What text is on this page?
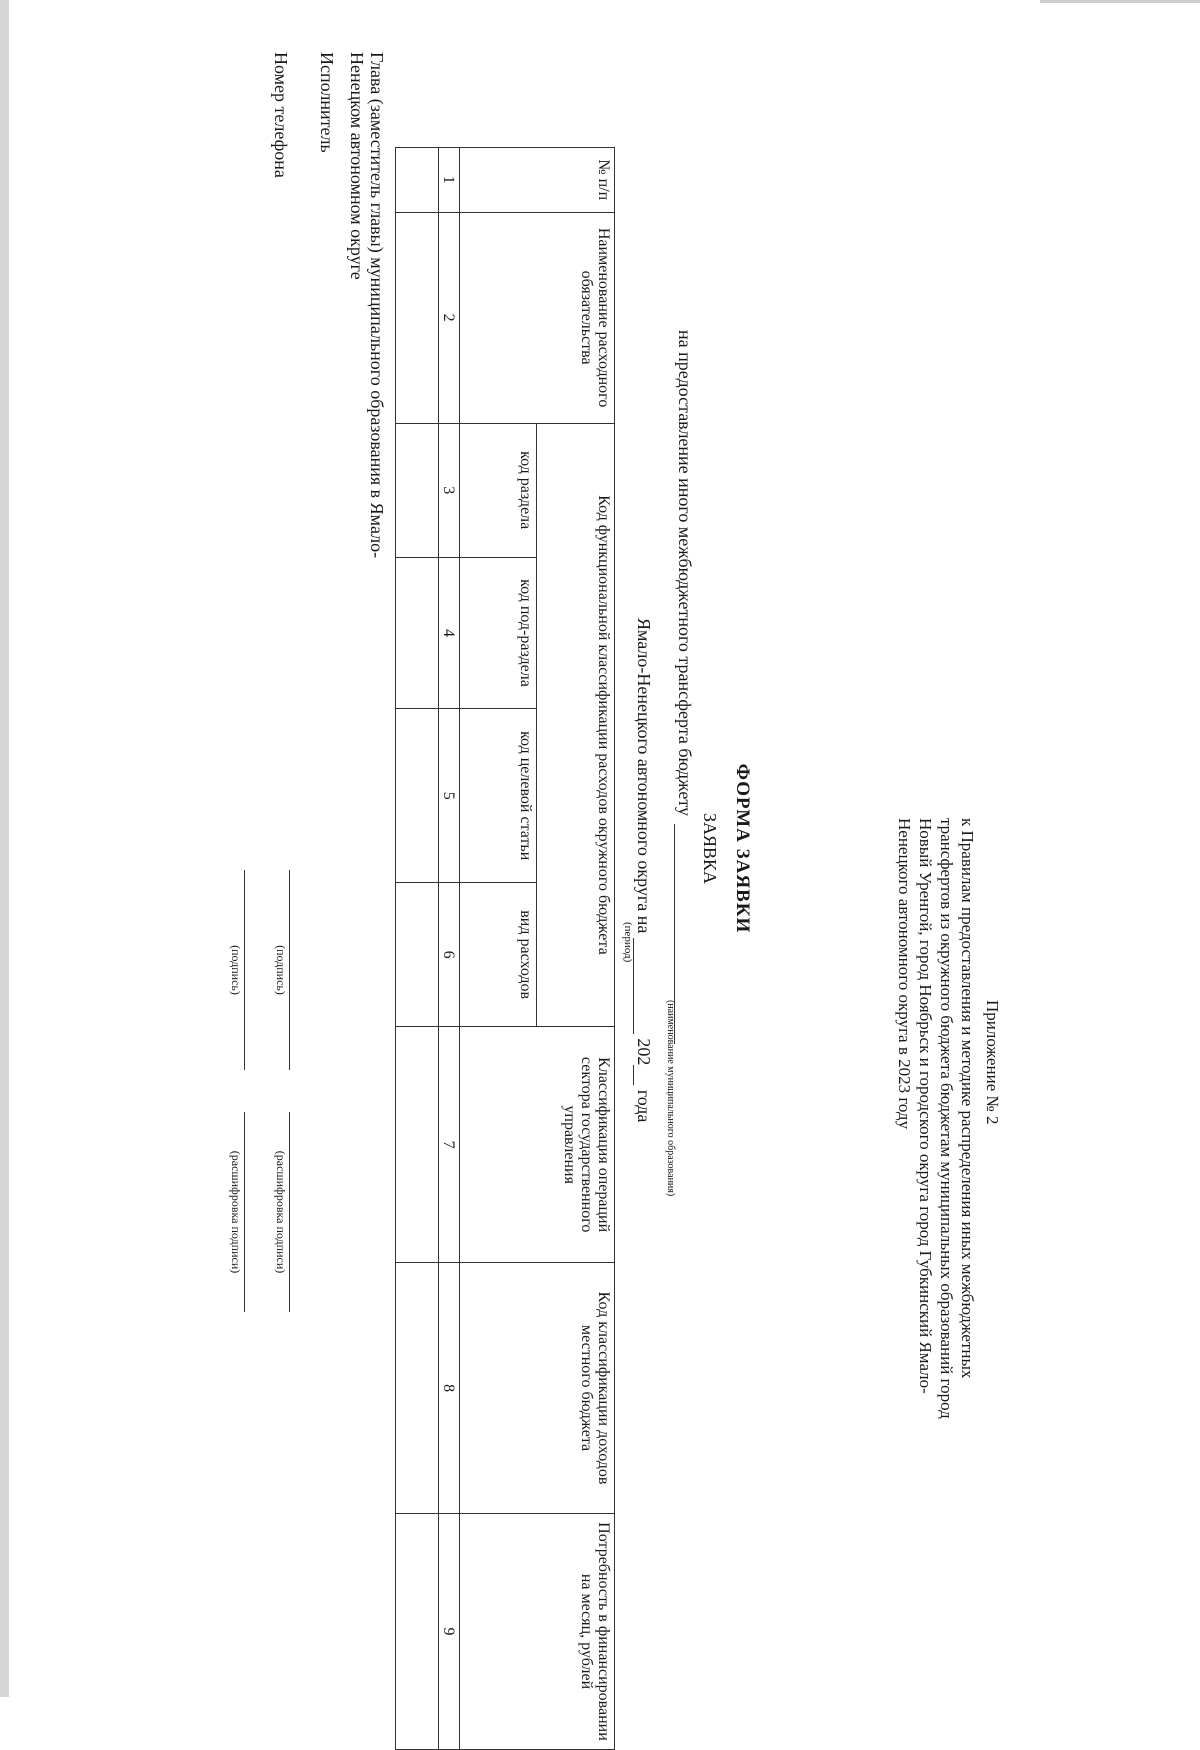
Приложение № 2
к Правилам предоставления и методике распределения иных межбюджетных трансфертов из окружного бюджета бюджетам муниципальных образований город Новый Уренгой, город Ноябрьск и городского округа город Губкинский Ямало-Ненецкого автономного округа в 2023 году
ФОРМА ЗАЯВКИ
ЗАЯВКА
на предоставление иного межбюджетного трансферта бюджету
(наименование муниципального образования)
Ямало-Ненецкого автономного округа на  202 года
(период)
№ п/п	Наименование расходного обязательства	Код функциональной классификации расходов окружного бюджета				Классификация операций сектора государственного управления	Код классификации доходов местного бюджета	Потребность в финансировании на месяц, рублей
		код раздела	код под-раздела	код целевой статьи	вид расходов			
1	2	3	4	5	6	7	8	9

Глава (заместитель главы) муниципального образования в Ямало-Ненецком автономном округе
(подпись)
(расшифровка подписи)
Исполнитель
(подпись)
(расшифровка подписи)
Номер телефона
